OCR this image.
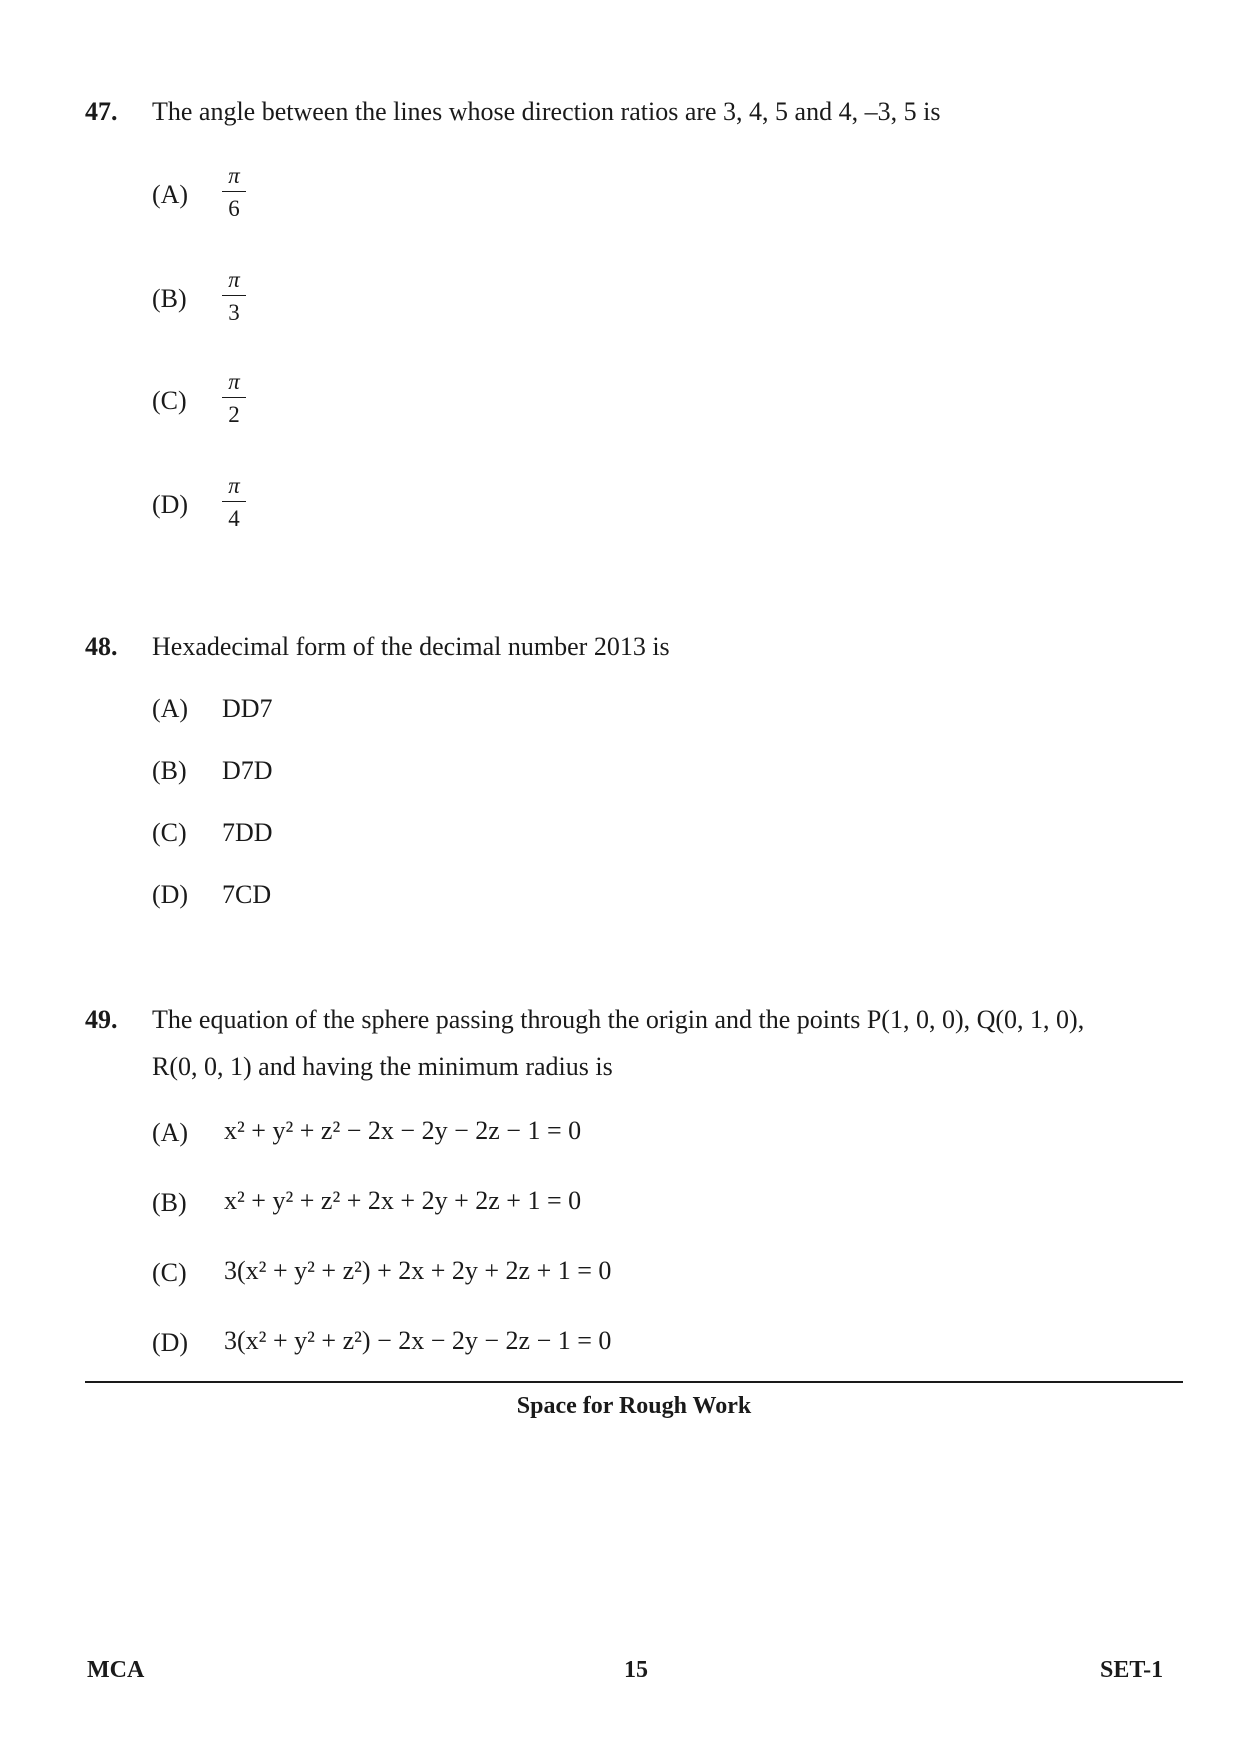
47. The angle between the lines whose direction ratios are 3, 4, 5 and 4, –3, 5 is
(A)
π
6
(B)
π
3
(C)
π
2
(D)
π
4
48. Hexadecimal form of the decimal number 2013 is
(A) DD7
(B) D7D
(C) 7DD
(D) 7CD
49. The equation of the sphere passing through the origin and the points P(1, 0, 0), Q(0, 1, 0),
R(0, 0, 1) and having the minimum radius is
(A) x² + y² + z² − 2x − 2y − 2z − 1 = 0
(B) x² + y² + z² + 2x + 2y + 2z + 1 = 0
(C) 3(x² + y² + z²) + 2x + 2y + 2z + 1 = 0
(D) 3(x² + y² + z²) − 2x − 2y − 2z − 1 = 0
Space for Rough Work
MCA	15	SET-1
